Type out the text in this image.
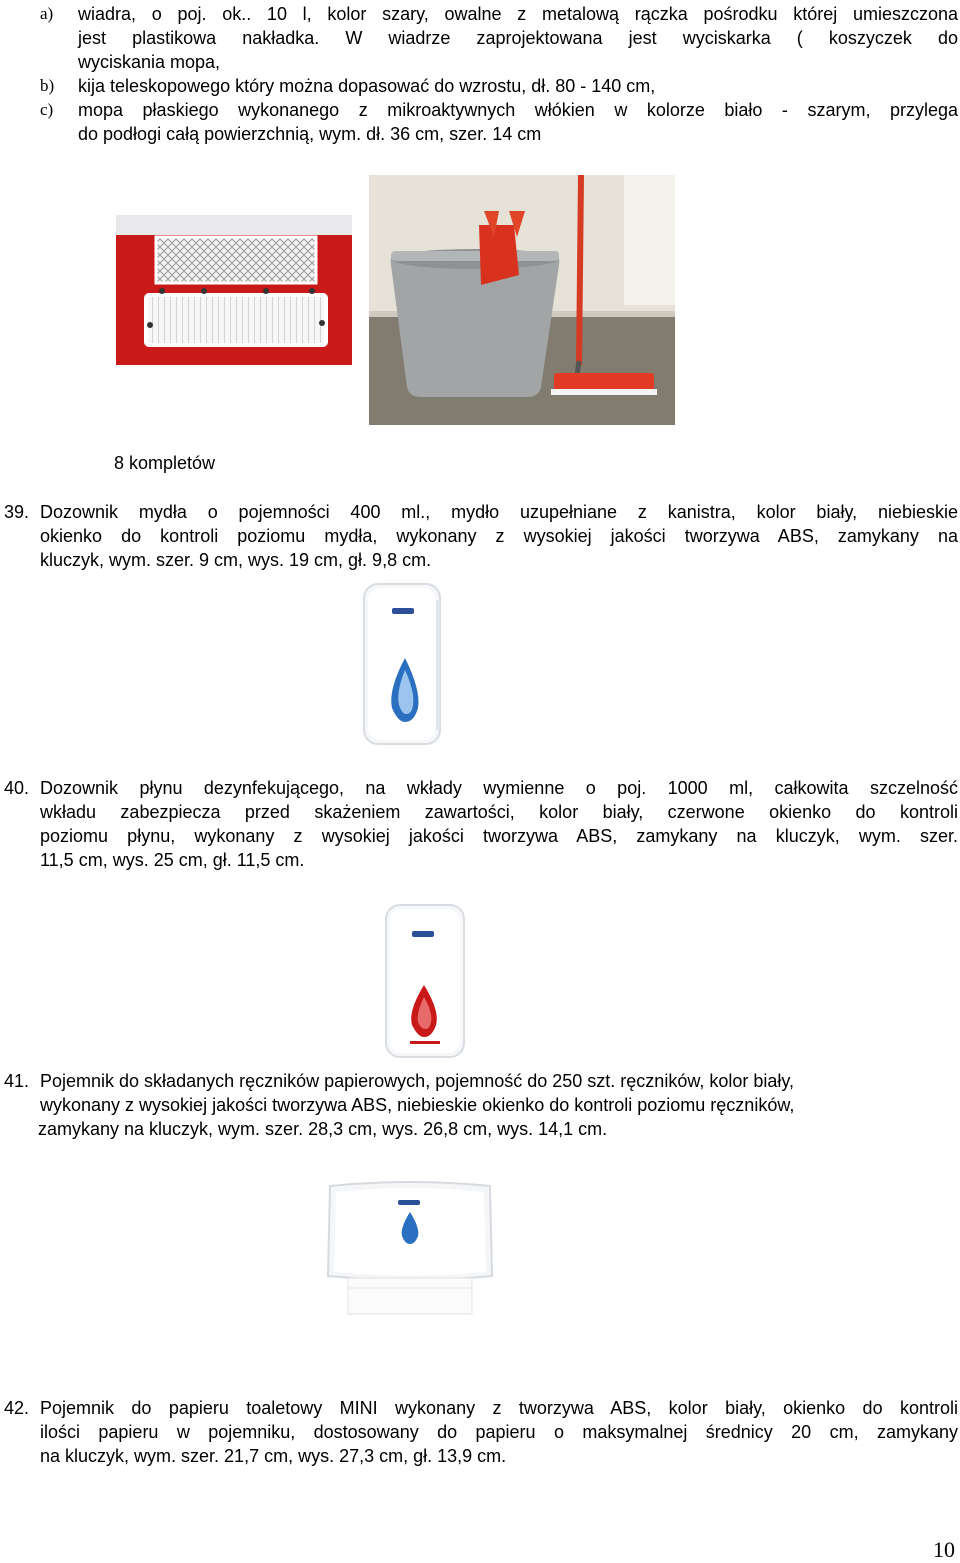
a) wiadra, o poj. ok.. 10 l, kolor szary, owalne z metalową rączka pośrodku której umieszczona
jest plastikowa nakładka. W wiadrze zaprojektowana jest wyciskarka ( koszyczek do
wyciskania mopa,
b) kija teleskopowego który można dopasować do wzrostu, dł. 80 - 140 cm,
c) mopa płaskiego wykonanego z mikroaktywnych włókien w kolorze biało - szarym, przylega
do podłogi całą powierzchnią, wym. dł. 36 cm, szer. 14 cm
8 kompletów
39. Dozownik mydła o pojemności 400 ml., mydło uzupełniane z kanistra, kolor biały, niebieskie
okienko do kontroli poziomu mydła, wykonany z wysokiej jakości tworzywa ABS, zamykany na
kluczyk, wym. szer. 9 cm, wys. 19 cm, gł. 9,8 cm.
40. Dozownik płynu dezynfekującego, na wkłady wymienne o poj. 1000 ml, całkowita szczelność
wkładu zabezpiecza przed skażeniem zawartości, kolor biały, czerwone okienko do kontroli
poziomu płynu, wykonany z wysokiej jakości tworzywa ABS, zamykany na kluczyk, wym. szer.
11,5 cm, wys. 25 cm, gł. 11,5 cm.
41. Pojemnik do składanych ręczników papierowych, pojemność do 250 szt. ręczników, kolor biały,
wykonany z wysokiej jakości tworzywa ABS, niebieskie okienko do kontroli poziomu ręczników,
zamykany na kluczyk, wym. szer. 28,3 cm, wys. 26,8 cm, wys. 14,1 cm.
42. Pojemnik do papieru toaletowy MINI wykonany z tworzywa ABS, kolor biały, okienko do kontroli
ilości papieru w pojemniku, dostosowany do papieru o maksymalnej średnicy 20 cm, zamykany
na kluczyk, wym. szer. 21,7 cm, wys. 27,3 cm, gł. 13,9 cm.
10
